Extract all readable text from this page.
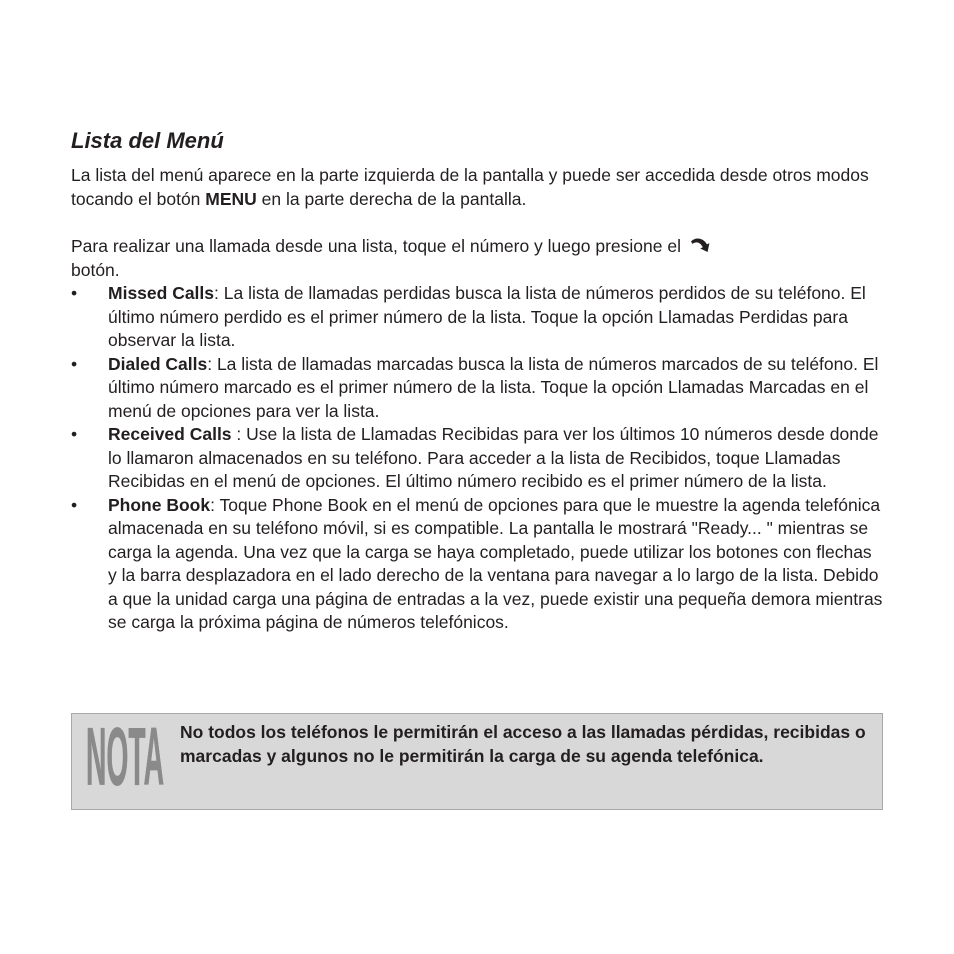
Lista del Menú

La lista del menú aparece en la parte izquierda de la pantalla y puede ser accedida desde otros modos tocando el botón MENU en la parte derecha de la pantalla.

Para realizar una llamada desde una lista, toque el número y luego presione el
botón.

• Missed Calls: La lista de llamadas perdidas busca la lista de números perdidos de su teléfono. El último número perdido es el primer número de la lista. Toque la opción Llamadas Perdidas para observar la lista.
• Dialed Calls: La lista de llamadas marcadas busca la lista de números marcados de su teléfono. El último número marcado es el primer número de la lista. Toque la opción Llamadas Marcadas en el menú de opciones para ver la lista.
• Received Calls : Use la lista de Llamadas Recibidas para ver los últimos 10 números desde donde lo llamaron almacenados en su teléfono. Para acceder a la lista de Recibidos, toque Llamadas Recibidas en el menú de opciones. El último número recibido es el primer número de la lista.
• Phone Book: Toque Phone Book en el menú de opciones para que le muestre la agenda telefónica almacenada en su teléfono móvil, si es compatible. La pantalla le mostrará "Ready... " mientras se carga la agenda. Una vez que la carga se haya completado, puede utilizar los botones con flechas y la barra desplazadora en el lado derecho de la ventana para navegar a lo largo de la lista. Debido a que la unidad carga una página de entradas a la vez, puede existir una pequeña demora mientras se carga la próxima página de números telefónicos.
NOTA No todos los teléfonos le permitirán el acceso a las llamadas pérdidas, recibidas o marcadas y algunos no le permitirán la carga de su agenda telefónica.
